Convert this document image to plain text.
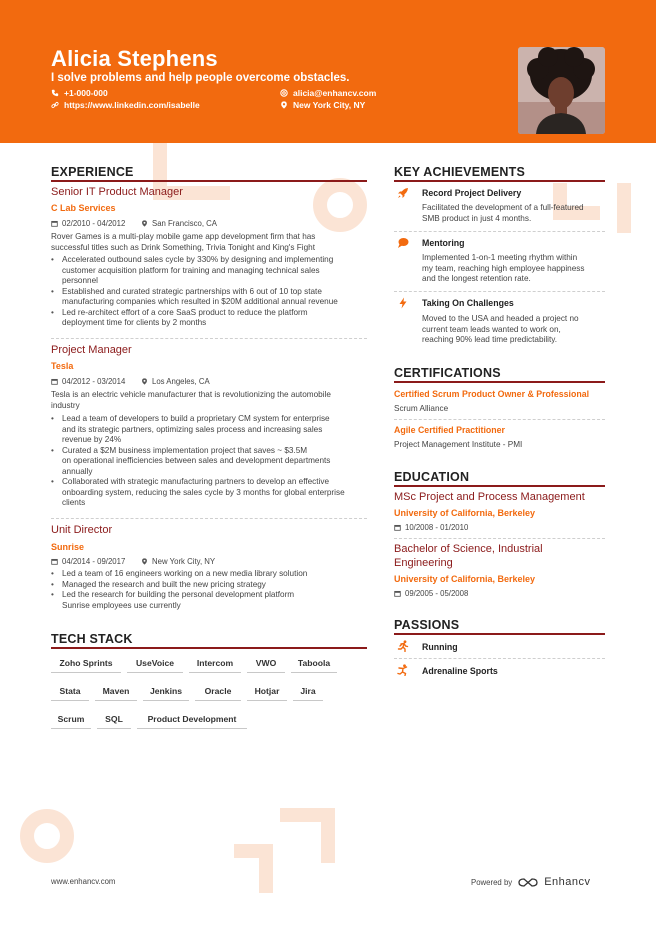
Alicia Stephens
I solve problems and help people overcome obstacles.
+1-000-000	alicia@enhancv.com
https://www.linkedin.com/isabelle	New York City, NY
EXPERIENCE
Senior IT Product Manager
C Lab Services
02/2010 - 04/2012	San Francisco, CA
Rover Games is a multi-play mobile game app development firm that has
successful titles such as Drink Something, Trivia Tonight and King's Fight
• Accelerated outbound sales cycle by 330% by designing and implementing
customer acquisition platform for training and managing technical sales
personnel
• Established and curated strategic partnerships with 6 out of 10 top state
manufacturing companies which resulted in $20M additional annual revenue
• Led re-architect effort of a core SaaS product to reduce the platform
deployment time for clients by 2 months
Project Manager
Tesla
04/2012 - 03/2014	Los Angeles, CA
Tesla is an electric vehicle manufacturer that is revolutionizing the automobile
industry
• Lead a team of developers to build a proprietary CM system for enterprise
and its strategic partners, optimizing sales process and increasing sales
revenue by 24%
• Curated a $2M business implementation project that saves ~ $3.5M
on operational inefficiencies between sales and development departments
annually
• Collaborated with strategic manufacturing partners to develop an effective
onboarding system, reducing the sales cycle by 3 months for global enterprise
clients
Unit Director
Sunrise
04/2014 - 09/2017	New York City, NY
• Led a team of 16 engineers working on a new media library solution
• Managed the research and built the new pricing strategy
• Led the research for building the personal development platform
Sunrise employees use currently
TECH STACK
Zoho Sprints	UseVoice	Intercom	VWO	Taboola
Stata	Maven	Jenkins	Oracle	Hotjar	Jira
Scrum	SQL	Product Development
KEY ACHIEVEMENTS
Record Project Delivery
Facilitated the development of a full-featured
SMB product in just 4 months.
Mentoring
Implemented 1-on-1 meeting rhythm within
my team, reaching high employee happiness
and the longest retention rate.
Taking On Challenges
Moved to the USA and headed a project no
current team leads wanted to work on,
reaching 90% lead time predictability.
CERTIFICATIONS
Certified Scrum Product Owner & Professional
Scrum Alliance
Agile Certified Practitioner
Project Management Institute - PMI
EDUCATION
MSc Project and Process Management
University of California, Berkeley
10/2008 - 01/2010
Bachelor of Science, Industrial
Engineering
University of California, Berkeley
09/2005 - 05/2008
PASSIONS
Running
Adrenaline Sports
www.enhancv.com	Powered by	Enhancv
